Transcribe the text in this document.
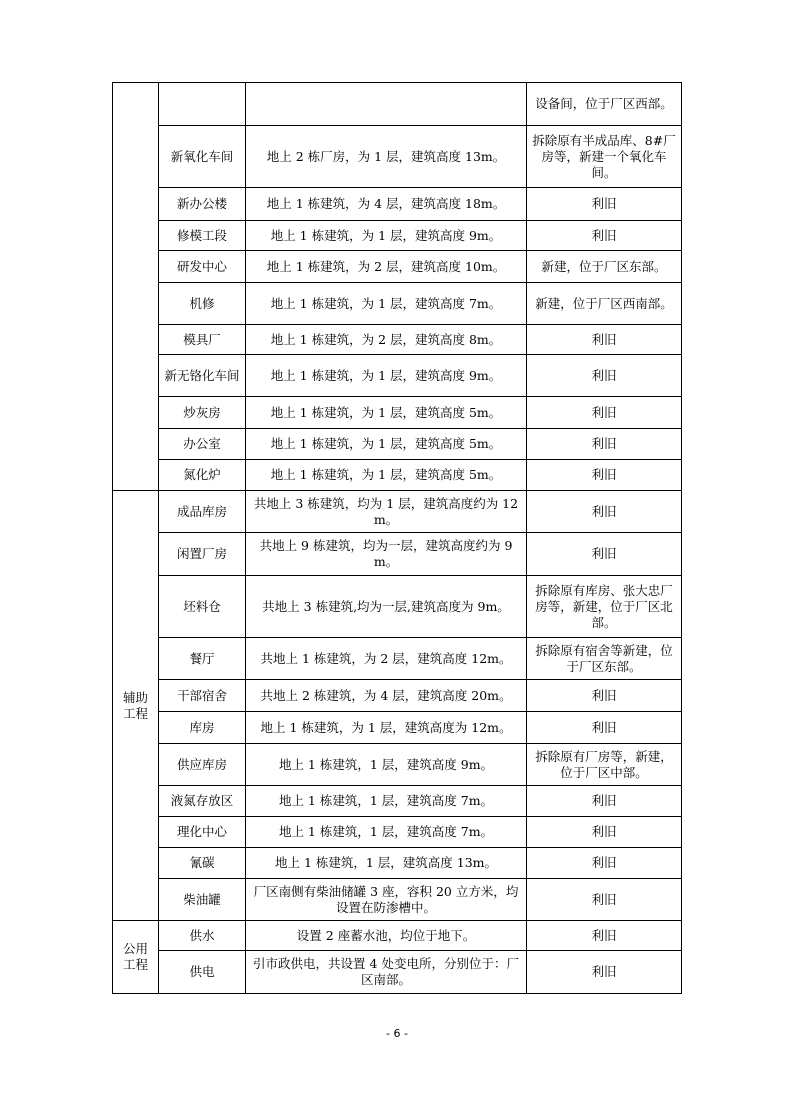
			设备间，位于厂区西部。
	新氧化车间	地上 2 栋厂房，为 1 层，建筑高度 13m。	拆除原有半成品库、8#厂房等，新建一个氧化车间。
	新办公楼	地上 1 栋建筑，为 4 层，建筑高度 18m。	利旧
	修模工段	地上 1 栋建筑，为 1 层，建筑高度 9m。	利旧
	研发中心	地上 1 栋建筑，为 2 层，建筑高度 10m。	新建，位于厂区东部。
	机修	地上 1 栋建筑，为 1 层，建筑高度 7m。	新建，位于厂区西南部。
	模具厂	地上 1 栋建筑，为 2 层，建筑高度 8m。	利旧
	新无铬化车间	地上 1 栋建筑，为 1 层，建筑高度 9m。	利旧
	炒灰房	地上 1 栋建筑，为 1 层，建筑高度 5m。	利旧
	办公室	地上 1 栋建筑，为 1 层，建筑高度 5m。	利旧
	氮化炉	地上 1 栋建筑，为 1 层，建筑高度 5m。	利旧
辅助工程	成品库房	共地上 3 栋建筑，均为 1 层，建筑高度约为 12m。	利旧
	闲置厂房	共地上 9 栋建筑，均为一层，建筑高度约为 9m。	利旧
	坯料仓	共地上 3 栋建筑,均为一层,建筑高度为 9m。	拆除原有库房、张大忠厂房等，新建，位于厂区北部。
	餐厅	共地上 1 栋建筑，为 2 层，建筑高度 12m。	拆除原有宿舍等新建，位于厂区东部。
	干部宿舍	共地上 2 栋建筑，为 4 层，建筑高度 20m。	利旧
	库房	地上 1 栋建筑，为 1 层，建筑高度为 12m。	利旧
	供应库房	地上 1 栋建筑，1 层，建筑高度 9m。	拆除原有厂房等，新建，位于厂区中部。
	液氮存放区	地上 1 栋建筑，1 层，建筑高度 7m。	利旧
	理化中心	地上 1 栋建筑，1 层，建筑高度 7m。	利旧
	氰碳	地上 1 栋建筑，1 层，建筑高度 13m。	利旧
	柴油罐	厂区南侧有柴油储罐 3 座，容积 20 立方米，均设置在防渗槽中。	利旧
公用工程	供水	设置 2 座蓄水池，均位于地下。	利旧
	供电	引市政供电，共设置 4 处变电所，分别位于：厂区南部。	利旧
- 6 -
